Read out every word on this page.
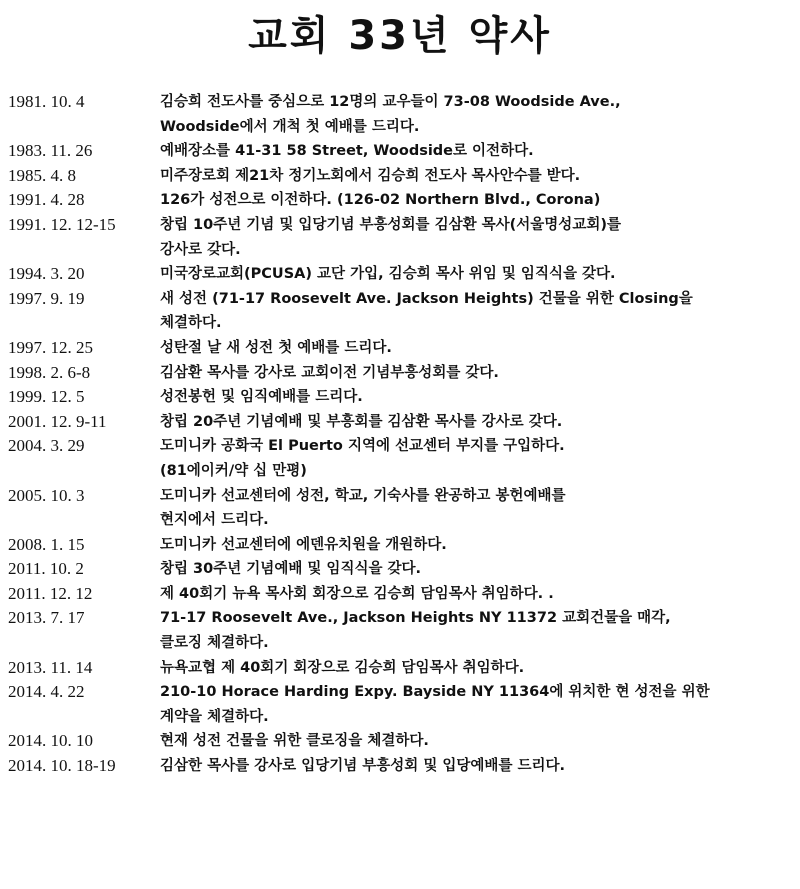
교회 33년 약사
1981. 10. 4	김승희 전도사를 중심으로 12명의 교우들이 73-08 Woodside Ave.,
Woodside에서 개척 첫 예배를 드리다.
1983. 11. 26	예배장소를 41-31 58 Street, Woodside로 이전하다.
1985. 4. 8	미주장로회 제21차 정기노회에서 김승희 전도사 목사안수를 받다.
1991. 4. 28	126가 성전으로 이전하다. (126-02 Northern Blvd., Corona)
1991. 12. 12-15	창립 10주년 기념 및 입당기념 부흥성회를 김삼환 목사(서울명성교회)를
강사로 갖다.
1994. 3. 20	미국장로교회(PCUSA) 교단 가입, 김승희 목사 위임 및 임직식을 갖다.
1997. 9. 19	새 성전 (71-17 Roosevelt Ave. Jackson Heights) 건물을 위한 Closing을
체결하다.
1997. 12. 25	성탄절 날 새 성전 첫 예배를 드리다.
1998. 2. 6-8	김삼환 목사를 강사로 교회이전 기념부흥성회를 갖다.
1999. 12. 5	성전봉헌 및 임직예배를 드리다.
2001. 12. 9-11	창립 20주년 기념예배 및 부흥회를 김삼환 목사를 강사로 갖다.
2004. 3. 29	도미니카 공화국 El Puerto 지역에 선교센터 부지를 구입하다.
(81에이커/약 십 만평)
2005. 10. 3	도미니카 선교센터에 성전, 학교, 기숙사를 완공하고 봉헌예배를
현지에서 드리다.
2008. 1. 15	도미니카 선교센터에 에덴유치원을 개원하다.
2011. 10. 2	창립 30주년 기념예배 및 임직식을 갖다.
2011. 12. 12	제 40회기 뉴욕 목사회 회장으로 김승희 담임목사 취임하다. .
2013. 7. 17	71-17 Roosevelt Ave., Jackson Heights NY 11372 교회건물을 매각,
클로징 체결하다.
2013. 11. 14	뉴욕교협 제 40회기 회장으로 김승희 담임목사 취임하다.
2014. 4. 22	210-10 Horace Harding Expy. Bayside NY 11364에 위치한 현 성전을 위한
계약을 체결하다.
2014. 10. 10	현재 성전 건물을 위한 클로징을 체결하다.
2014. 10. 18-19	김삼한 목사를 강사로 입당기념 부흥성회 및 입당예배를 드리다.
